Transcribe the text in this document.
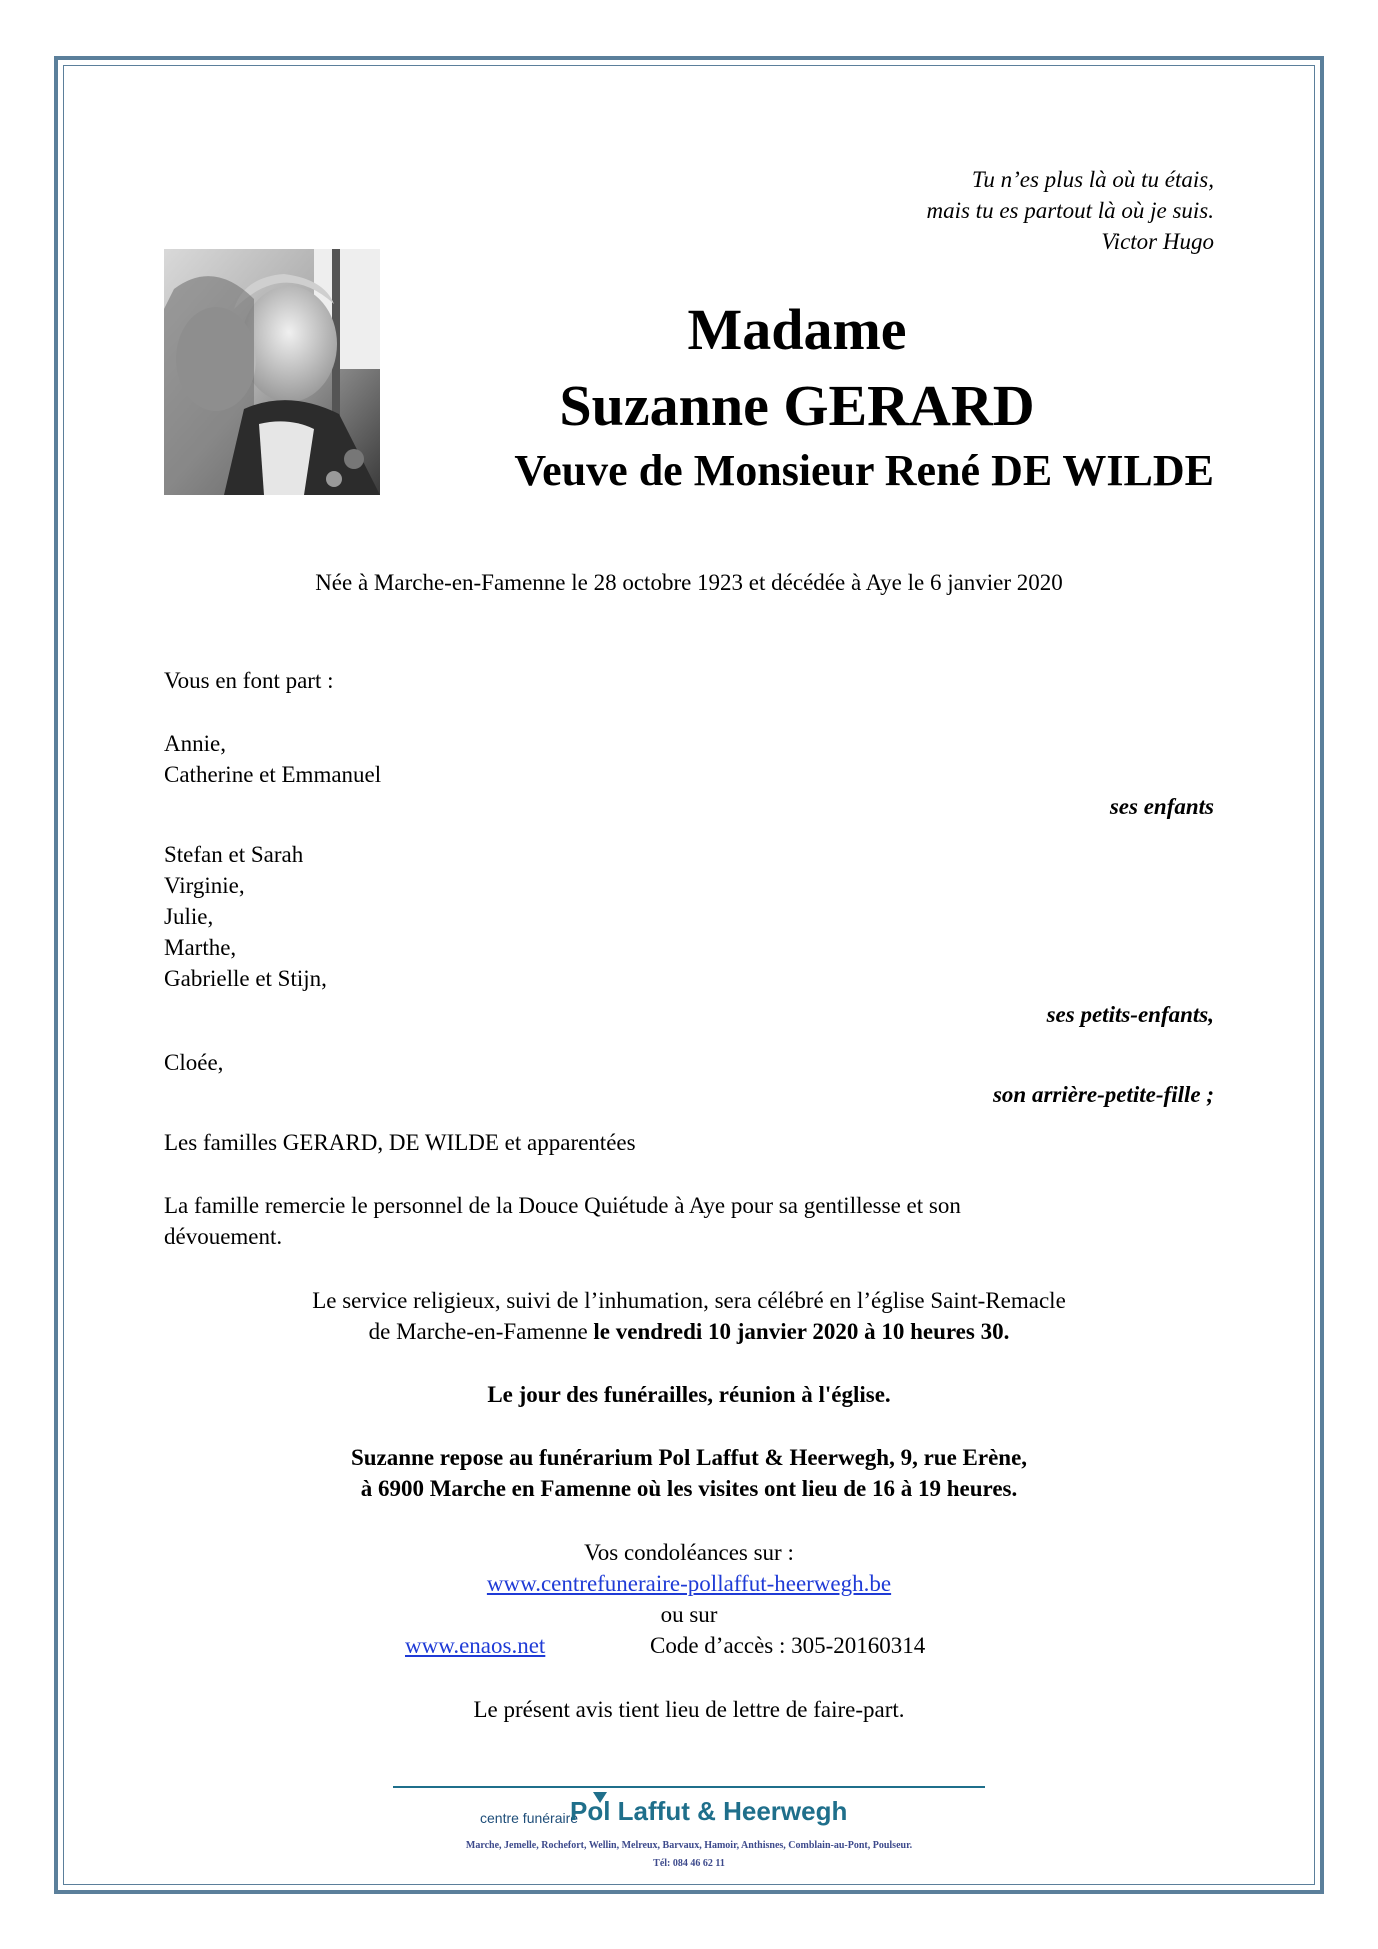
Tu n’es plus là où tu étais,
mais tu es partout là où je suis.
Victor Hugo
Madame
Suzanne GERARD
Veuve de Monsieur René DE WILDE
Née à Marche-en-Famenne le 28 octobre 1923 et décédée à Aye le 6 janvier 2020
Vous en font part :
Annie,
Catherine et Emmanuel
ses enfants
Stefan et Sarah
Virginie,
Julie,
Marthe,
Gabrielle et Stijn,
ses petits-enfants,
Cloée,
son arrière-petite-fille ;
Les familles GERARD, DE WILDE et apparentées
La famille remercie le personnel de la Douce Quiétude à Aye pour sa gentillesse et son
dévouement.
Le service religieux, suivi de l’inhumation, sera célébré en l’église Saint-Remacle
de Marche-en-Famenne le vendredi 10 janvier 2020 à 10 heures 30.
Le jour des funérailles, réunion à l'église.
Suzanne repose au funérarium Pol Laffut & Heerwegh, 9, rue Erène,
à 6900 Marche en Famenne où les visites ont lieu de 16 à 19 heures.
Vos condoléances sur :
www.centrefuneraire-pollaffut-heerwegh.be
ou sur
www.enaos.net	Code d’accès : 305-20160314
Le présent avis tient lieu de lettre de faire-part.
centre funéraire
Pol Laffut & Heerwegh
Marche, Jemelle, Rochefort, Wellin, Melreux, Barvaux, Hamoir, Anthisnes, Comblain-au-Pont, Poulseur.
Tél: 084 46 62 11
